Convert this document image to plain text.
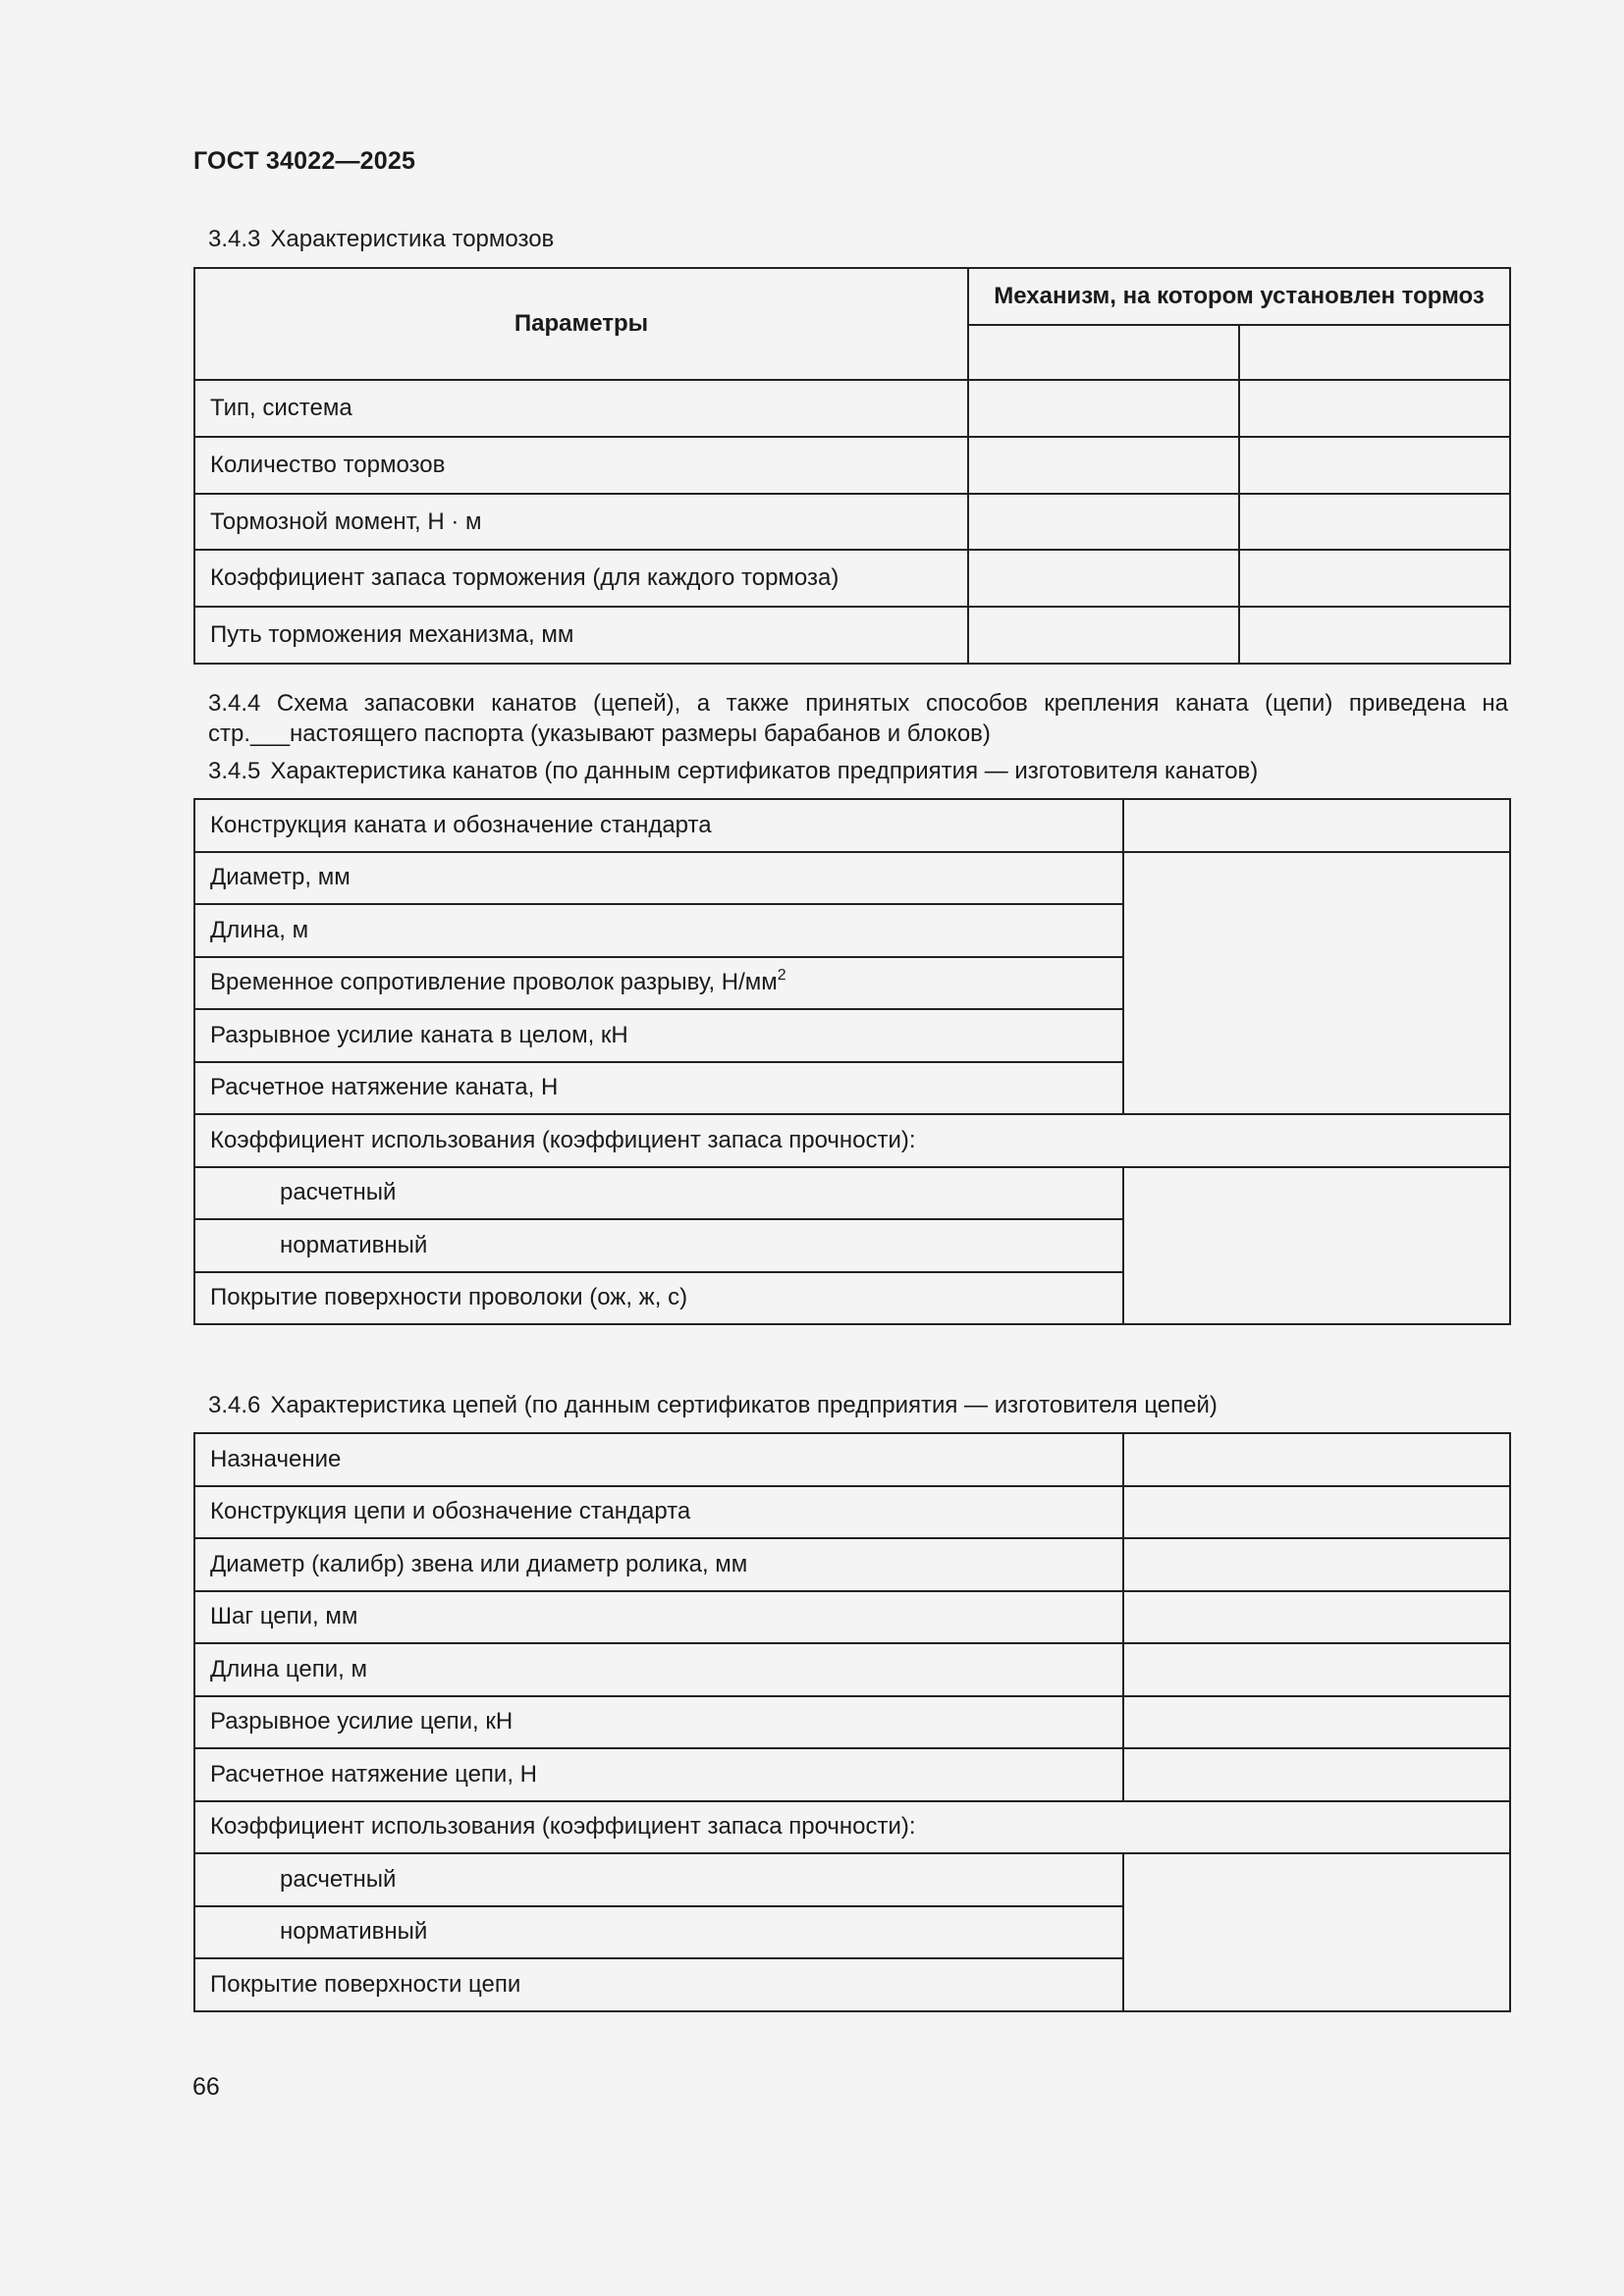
ГОСТ 34022—2025
3.4.3 Характеристика тормозов
Параметры	Механизм, на котором установлен тормоз	

Тип, система		
Количество тормозов		
Тормозной момент, Н · м		
Коэффициент запаса торможения (для каждого тормоза)		
Путь торможения механизма, мм		
3.4.4 Схема запасовки канатов (цепей), а также принятых способов крепления каната (цепи) приведена на стр.___настоящего паспорта (указывают размеры барабанов и блоков)
3.4.5 Характеристика канатов (по данным сертификатов предприятия — изготовителя канатов)
Конструкция каната и обозначение стандарта	
Диаметр, мм	
Длина, м	
Временное сопротивление проволок разрыву, $Н/мм^2$
Разрывное усилие каната в целом, кН	
Расчетное натяжение каната, Н	
Коэффициент использования (коэффициент запаса прочности):	
расчетный	
нормативный	
Покрытие поверхности проволоки (ож, ж, с)	
3.4.6 Характеристика цепей (по данным сертификатов предприятия — изготовителя цепей)
Назначение	
Конструкция цепи и обозначение стандарта	
Диаметр (калибр) звена или диаметр ролика, мм	
Шаг цепи, мм	
Длина цепи, м	
Разрывное усилие цепи, кН	
Расчетное натяжение цепи, Н	
Коэффициент использования (коэффициент запаса прочности):	
расчетный	
нормативный	
Покрытие поверхности цепи	
66
